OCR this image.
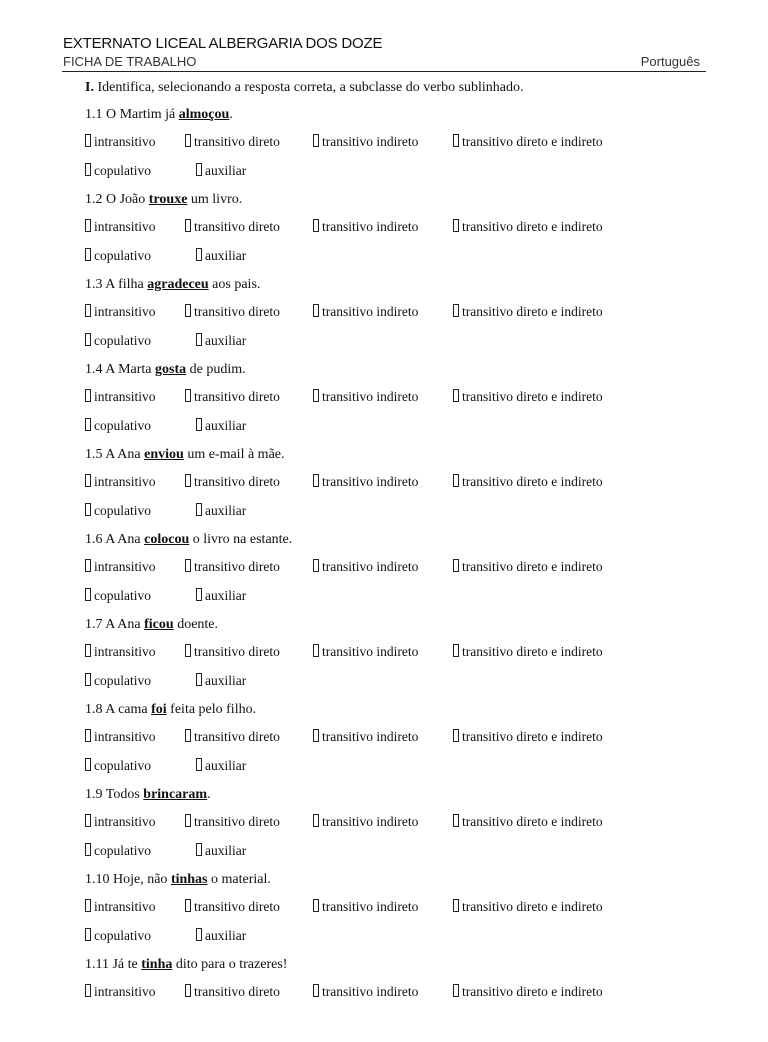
EXTERNATO LICEAL ALBERGARIA DOS DOZE
FICHA DE TRABALHO	Português
I. Identifica, selecionando a resposta correta, a subclasse do verbo sublinhado.
1.1 O Martim já almoçou.
intransitivo	transitivo direto	transitivo indireto	transitivo direto e indireto
copulativo	auxiliar
1.2 O João trouxe um livro.
intransitivo	transitivo direto	transitivo indireto	transitivo direto e indireto
copulativo	auxiliar
1.3 A filha agradeceu aos pais.
intransitivo	transitivo direto	transitivo indireto	transitivo direto e indireto
copulativo	auxiliar
1.4 A Marta gosta de pudim.
intransitivo	transitivo direto	transitivo indireto	transitivo direto e indireto
copulativo	auxiliar
1.5 A Ana enviou um e-mail à mãe.
intransitivo	transitivo direto	transitivo indireto	transitivo direto e indireto
copulativo	auxiliar
1.6 A Ana colocou o livro na estante.
intransitivo	transitivo direto	transitivo indireto	transitivo direto e indireto
copulativo	auxiliar
1.7 A Ana ficou doente.
intransitivo	transitivo direto	transitivo indireto	transitivo direto e indireto
copulativo	auxiliar
1.8 A cama foi feita pelo filho.
intransitivo	transitivo direto	transitivo indireto	transitivo direto e indireto
copulativo	auxiliar
1.9 Todos brincaram.
intransitivo	transitivo direto	transitivo indireto	transitivo direto e indireto
copulativo	auxiliar
1.10 Hoje, não tinhas o material.
intransitivo	transitivo direto	transitivo indireto	transitivo direto e indireto
copulativo	auxiliar
1.11 Já te tinha dito para o trazeres!
intransitivo	transitivo direto	transitivo indireto	transitivo direto e indireto
